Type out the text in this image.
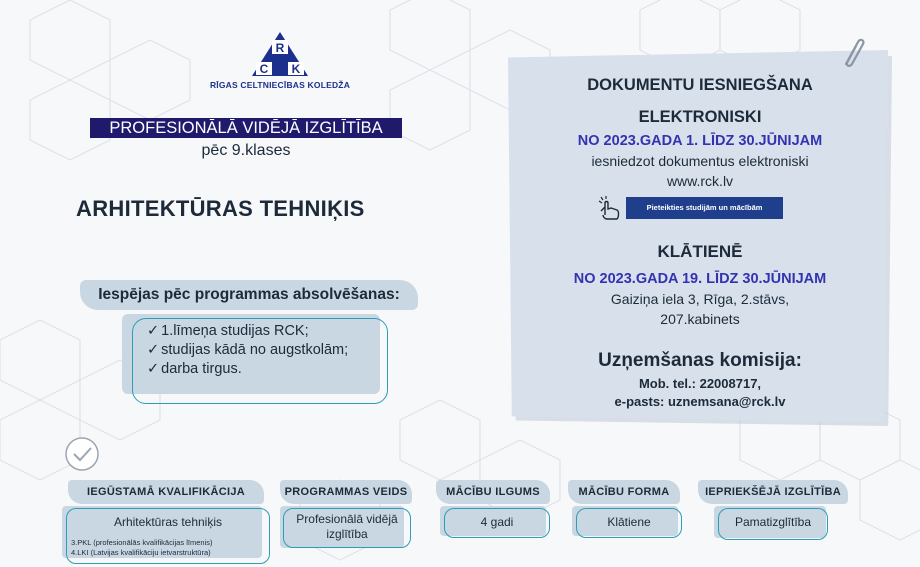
R
C K
RĪGAS CELTNIECĪBAS KOLEDŽA
PROFESIONĀLĀ VIDĒJĀ IZGLĪTĪBA
pēc 9.klases
ARHITEKTŪRAS TEHNIĶIS
Iespējas pēc programmas absolvēšanas:
✓ 1.līmeņa studijas RCK;
✓ studijas kādā no augstkolām;
✓ darba tirgus.
DOKUMENTU IESNIEGŠANA
ELEKTRONISKI
NO 2023.GADA 1. LĪDZ 30.JŪNIJAM
iesniedzot dokumentus elektroniski
www.rck.lv
Pieteikties studijām un mācībām
KLĀTIENĒ
NO 2023.GADA 19. LĪDZ 30.JŪNIJAM
Gaiziņa iela 3, Rīga, 2.stāvs,
207.kabinets
Uzņemšanas komisija:
Mob. tel.: 22008717,
e-pasts: uznemsana@rck.lv
IEGŪSTAMĀ KVALIFIKĀCIJA
Arhitektūras tehniķis
3.PKL (profesionālās kvalifikācijas līmenis)
4.LKI (Latvijas kvalifikāciju ietvarstruktūra)
PROGRAMMAS VEIDS
Profesionālā vidējā izglītība
MĀCĪBU ILGUMS
4 gadi
MĀCĪBU FORMA
Klātiene
IEPRIEKŠĒJĀ IZGLĪTĪBA
Pamatizglītība
